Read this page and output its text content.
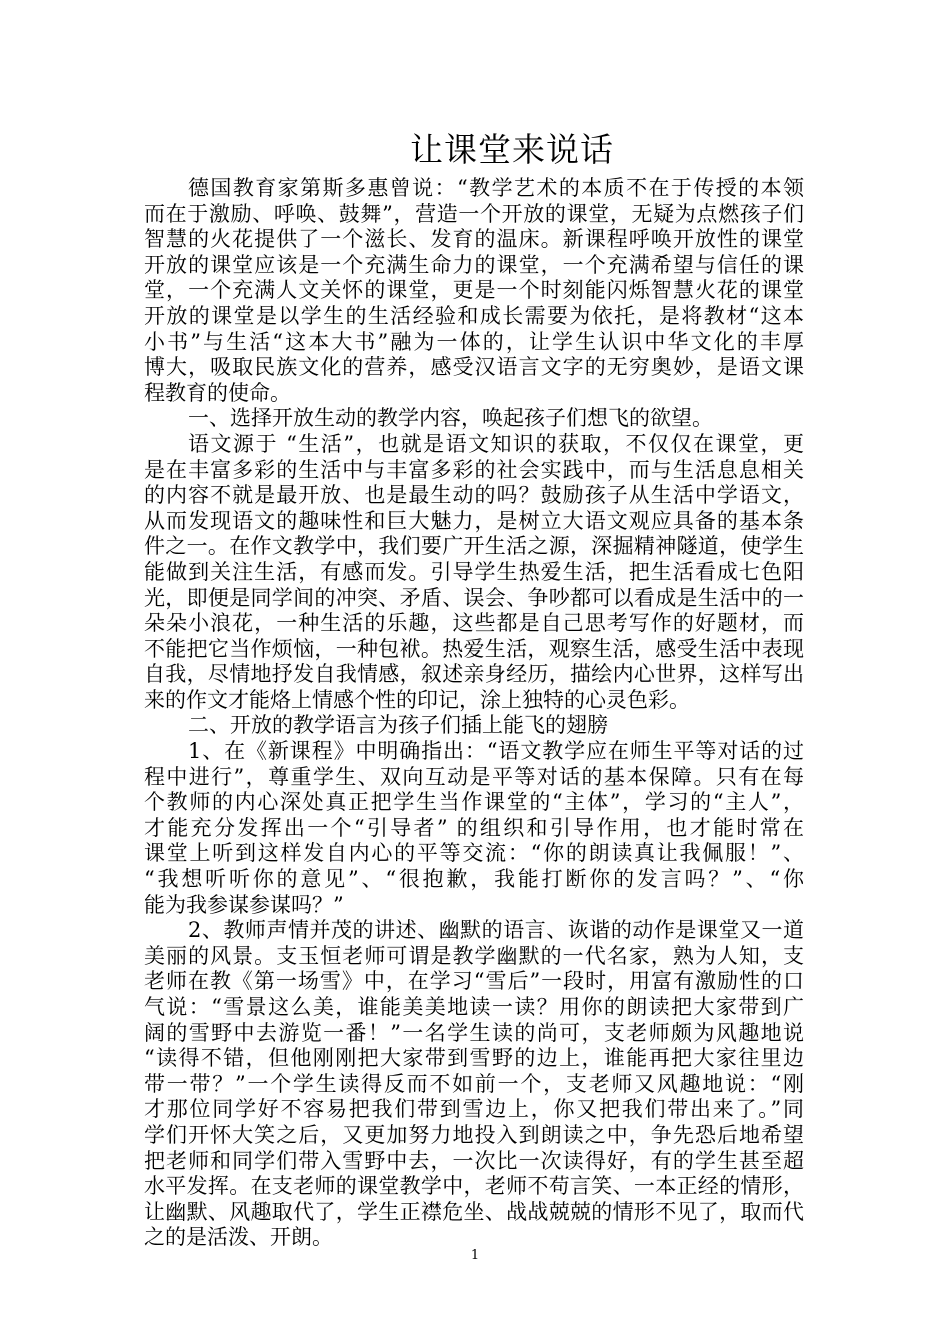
让课堂来说话
德国教育家第斯多惠曾说：“教学艺术的本质不在于传授的本领
而在于激励、呼唤、鼓舞”，营造一个开放的课堂，无疑为点燃孩子们
智慧的火花提供了一个滋长、发育的温床。新课程呼唤开放性的课堂
开放的课堂应该是一个充满生命力的课堂，一个充满希望与信任的课
堂，一个充满人文关怀的课堂，更是一个时刻能闪烁智慧火花的课堂
开放的课堂是以学生的生活经验和成长需要为依托，是将教材“这本
小书”与生活“这本大书”融为一体的，让学生认识中华文化的丰厚
博大，吸取民族文化的营养，感受汉语言文字的无穷奥妙，是语文课
程教育的使命。
一、选择开放生动的教学内容，唤起孩子们想飞的欲望。
语文源于 “生活”，也就是语文知识的获取，不仅仅在课堂，更
是在丰富多彩的生活中与丰富多彩的社会实践中，而与生活息息相关
的内容不就是最开放、也是最生动的吗？鼓励孩子从生活中学语文，
从而发现语文的趣味性和巨大魅力，是树立大语文观应具备的基本条
件之一。在作文教学中，我们要广开生活之源，深掘精神隧道，使学生
能做到关注生活，有感而发。引导学生热爱生活，把生活看成七色阳
光，即便是同学间的冲突、矛盾、误会、争吵都可以看成是生活中的一
朵朵小浪花，一种生活的乐趣，这些都是自己思考写作的好题材，而
不能把它当作烦恼，一种包袱。热爱生活，观察生活，感受生活中表现
自我，尽情地抒发自我情感，叙述亲身经历，描绘内心世界，这样写出
来的作文才能烙上情感个性的印记，涂上独特的心灵色彩。
二、开放的教学语言为孩子们插上能飞的翅膀
1、在《新课程》中明确指出：“语文教学应在师生平等对话的过
程中进行”，尊重学生、双向互动是平等对话的基本保障。只有在每
个教师的内心深处真正把学生当作课堂的“主体”，学习的“主人”，
才能充分发挥出一个“引导者” 的组织和引导作用，也才能时常在
课堂上听到这样发自内心的平等交流：“你的朗读真让我佩服！”、
“我想听听你的意见”、“很抱歉，我能打断你的发言吗？”、“你
能为我参谋参谋吗？”
2、教师声情并茂的讲述、幽默的语言、诙谐的动作是课堂又一道
美丽的风景。支玉恒老师可谓是教学幽默的一代名家，熟为人知，支
老师在教《第一场雪》中，在学习“雪后”一段时，用富有激励性的口
气说：“雪景这么美，谁能美美地读一读？用你的朗读把大家带到广
阔的雪野中去游览一番！”一名学生读的尚可，支老师颇为风趣地说
“读得不错，但他刚刚把大家带到雪野的边上，谁能再把大家往里边
带一带？”一个学生读得反而不如前一个，支老师又风趣地说：“刚
才那位同学好不容易把我们带到雪边上，你又把我们带出来了。”同
学们开怀大笑之后，又更加努力地投入到朗读之中，争先恐后地希望
把老师和同学们带入雪野中去，一次比一次读得好，有的学生甚至超
水平发挥。在支老师的课堂教学中，老师不苟言笑、一本正经的情形，
让幽默、风趣取代了，学生正襟危坐、战战兢兢的情形不见了，取而代
之的是活泼、开朗。
1
